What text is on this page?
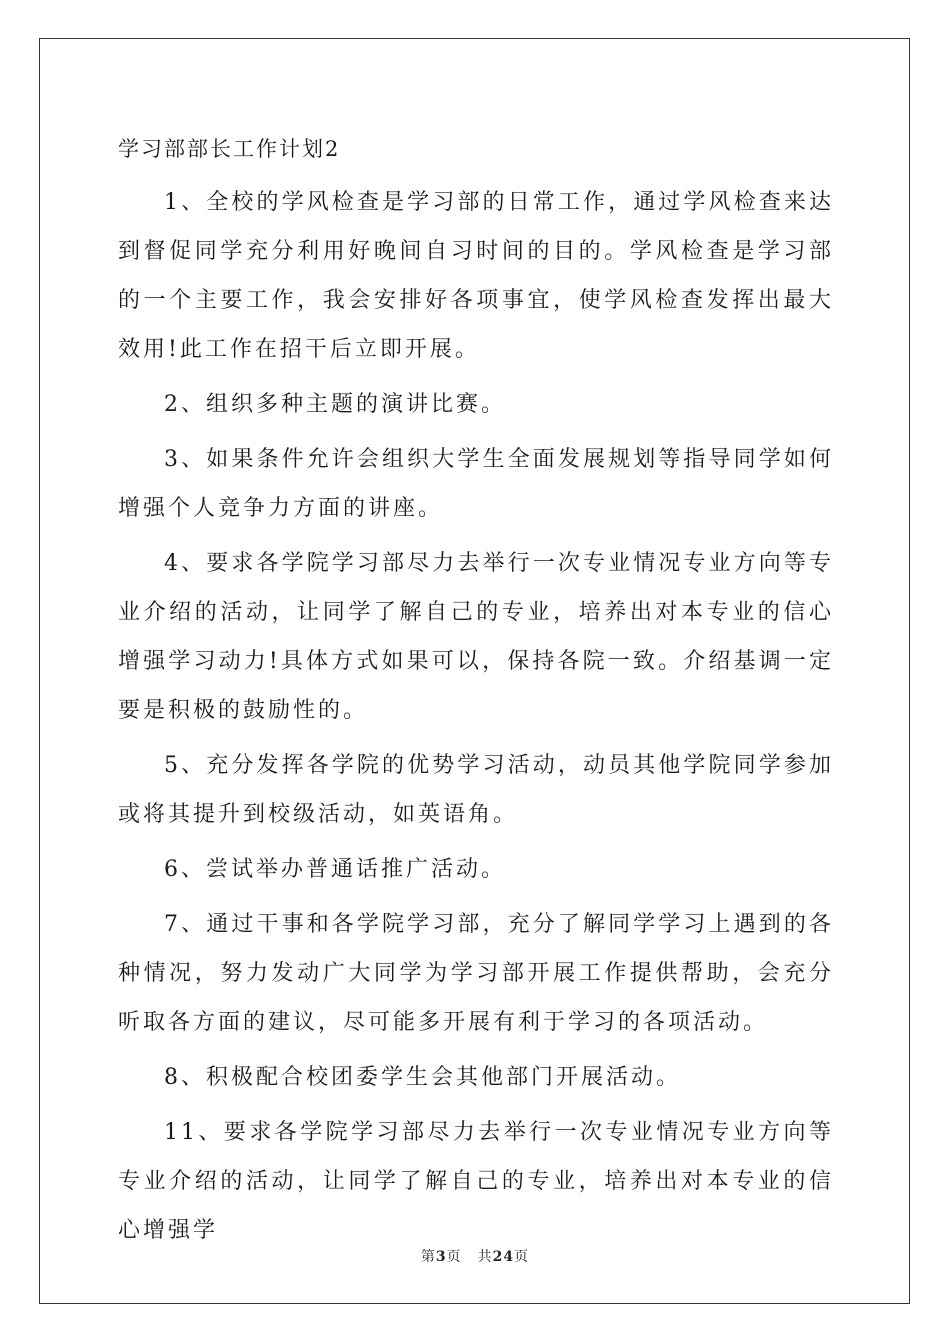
学习部部长工作计划2

1、全校的学风检查是学习部的日常工作，通过学风检查来达到督促同学充分利用好晚间自习时间的目的。学风检查是学习部的一个主要工作，我会安排好各项事宜，使学风检查发挥出最大效用!此工作在招干后立即开展。

2、组织多种主题的演讲比赛。

3、如果条件允许会组织大学生全面发展规划等指导同学如何增强个人竞争力方面的讲座。

4、要求各学院学习部尽力去举行一次专业情况专业方向等专业介绍的活动，让同学了解自己的专业，培养出对本专业的信心增强学习动力!具体方式如果可以，保持各院一致。介绍基调一定要是积极的鼓励性的。

5、充分发挥各学院的优势学习活动，动员其他学院同学参加或将其提升到校级活动，如英语角。

6、尝试举办普通话推广活动。

7、通过干事和各学院学习部，充分了解同学学习上遇到的各种情况，努力发动广大同学为学习部开展工作提供帮助，会充分听取各方面的建议，尽可能多开展有利于学习的各项活动。

8、积极配合校团委学生会其他部门开展活动。

11、要求各学院学习部尽力去举行一次专业情况专业方向等专业介绍的活动，让同学了解自己的专业，培养出对本专业的信心增强学

第3页 共24页
